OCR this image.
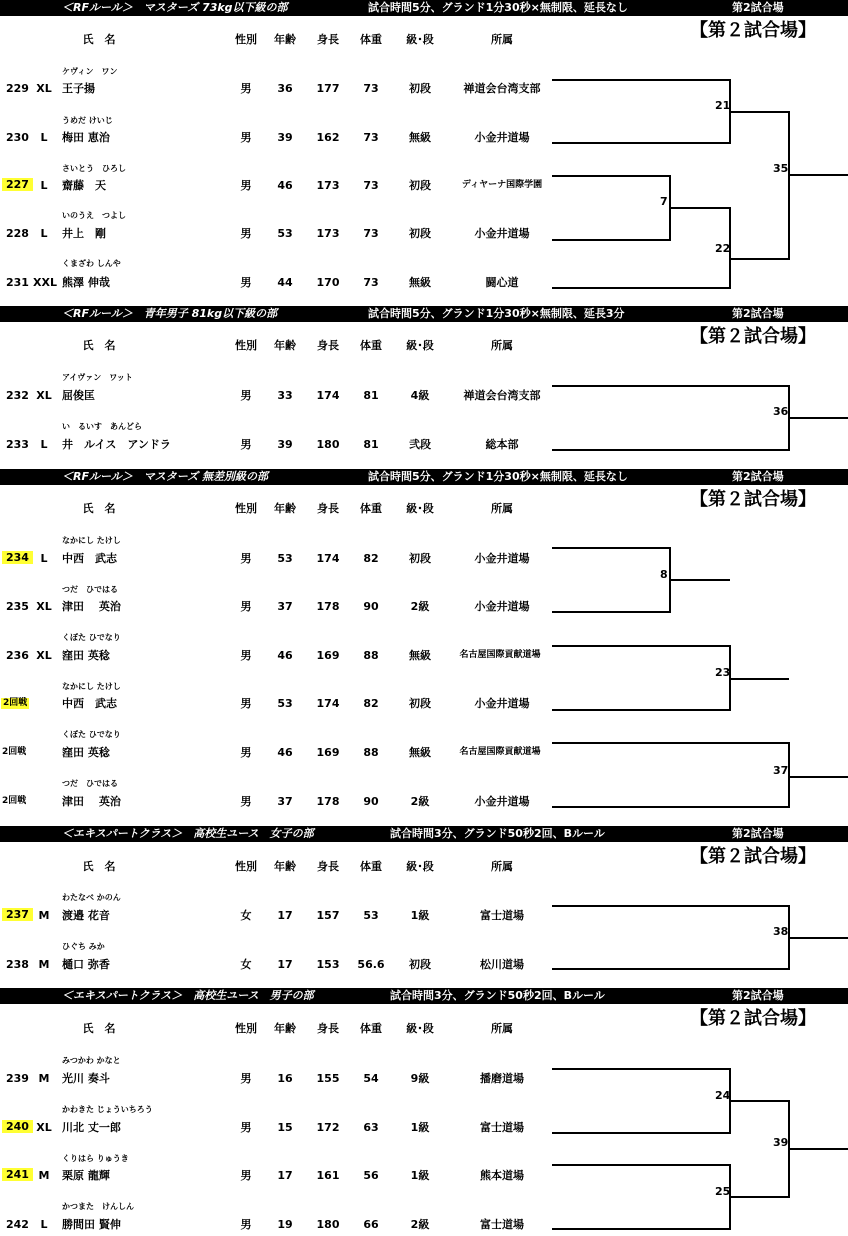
＜RFルール＞　マスターズ 73kg以下級の部	試合時間5分、グランド1分30秒×無制限、延長なし	第2試合場
【第２試合場】
氏　名	性別 年齢 身長 体重 級･段	所属
ケヴィン　ワン
229 XL 王子揚	男 36 177 73	初段	禅道会台湾支部
うめだ けいじ
230 L 梅田 恵治	男 39 162 73	無級	小金井道場
さいとう　ひろし
227	L 齋藤　天	男 46 173 73	初段	ディヤーナ国際学園
いのうえ　つよし
228 L 井上　剛	男 53 173 73	初段	小金井道場
くまざわ しんや
231 XXL 熊澤 伸哉	男 44 170 73	無級	闘心道
＜RFルール＞　青年男子 81kg以下級の部	試合時間5分、グランド1分30秒×無制限、延長3分	第2試合場
【第２試合場】
氏　名	性別 年齢 身長 体重 級･段	所属
アイヴァン　ワット
232 XL 屈俊匡	男 33 174 81	4級	禅道会台湾支部
い　るいす　あんどら
233 L 井　ルイス　アンドラ	男 39 180 81	弐段	総本部
＜RFルール＞　マスターズ 無差別級の部	試合時間5分、グランド1分30秒×無制限、延長なし	第2試合場
【第２試合場】
氏　名	性別 年齢 身長 体重 級･段	所属
なかにし たけし
234	L 中西　武志	男 53 174 82	初段	小金井道場
つだ　ひではる
235 XL 津田　 英治	男 37 178 90	2級	小金井道場
くぼた ひでなり
236 XL 窪田 英稔	男 46 169 88	無級	名古屋国際貢献道場
なかにし たけし
2回戦	中西　武志	男 53 174 82	初段	小金井道場
くぼた ひでなり
2回戦	窪田 英稔	男 46 169 88	無級	名古屋国際貢献道場
つだ　ひではる
2回戦	津田　 英治	男 37 178 90	2級	小金井道場
＜エキスパートクラス＞　高校生ユース　女子の部	試合時間3分、グランド50秒2回、Bルール	第2試合場
【第２試合場】
氏　名	性別 年齢 身長 体重 級･段	所属
わたなべ かのん
237 M 渡邉 花音	女 17 157 53	1級	富士道場
ひぐち みか
238 M 樋口 弥香	女 17 153 56.6 初段	松川道場
＜エキスパートクラス＞　高校生ユース　男子の部	試合時間3分、グランド50秒2回、Bルール	第2試合場
【第２試合場】
氏　名	性別 年齢 身長 体重 級･段	所属
みつかわ かなと
239 M 光川 奏斗	男 16 155 54	9級	播磨道場
かわきた じょういちろう
240 XL 川北 丈一郎	男 15 172 63	1級	富士道場
くりはら りゅうき
241 M 栗原 龍輝	男 17 161 56	1級	熊本道場
かつまた　けんしん
242 L 勝間田 賢伸	男 19 180 66	2級	富士道場
21
7
22
35
36
8
23
37
38
24
25
39
